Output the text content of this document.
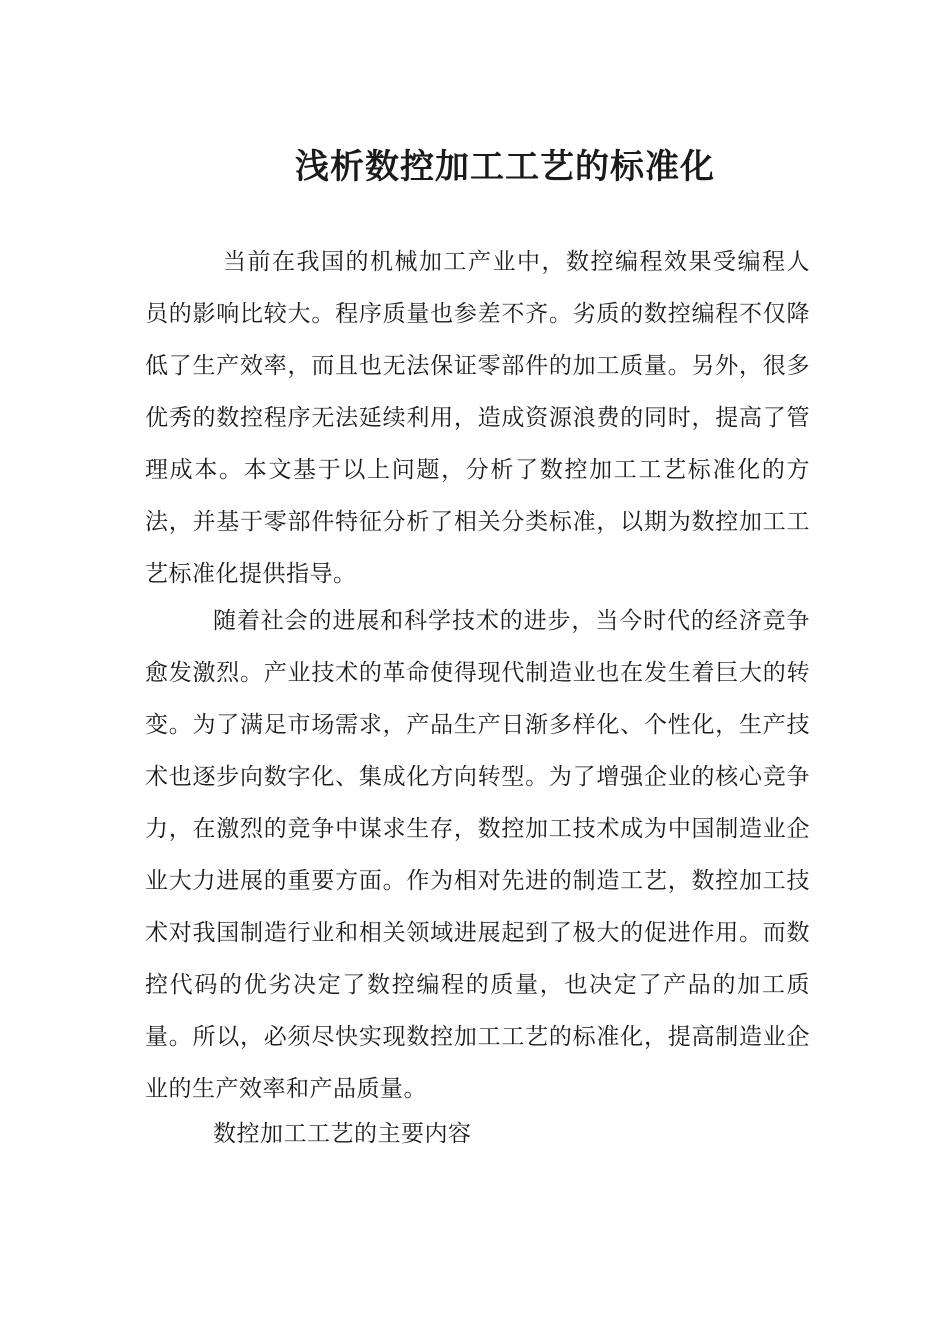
浅析数控加工工艺的标准化

当前在我国的机械加工产业中，数控编程效果受编程人员的影响比较大。程序质量也参差不齐。劣质的数控编程不仅降低了生产效率，而且也无法保证零部件的加工质量。另外，很多优秀的数控程序无法延续利用，造成资源浪费的同时，提高了管理成本。本文基于以上问题，分析了数控加工工艺标准化的方法，并基于零部件特征分析了相关分类标准，以期为数控加工工艺标准化提供指导。

随着社会的进展和科学技术的进步，当今时代的经济竞争愈发激烈。产业技术的革命使得现代制造业也在发生着巨大的转变。为了满足市场需求，产品生产日渐多样化、个性化，生产技术也逐步向数字化、集成化方向转型。为了增强企业的核心竞争力，在激烈的竞争中谋求生存，数控加工技术成为中国制造业企业大力进展的重要方面。作为相对先进的制造工艺，数控加工技术对我国制造行业和相关领域进展起到了极大的促进作用。而数控代码的优劣决定了数控编程的质量，也决定了产品的加工质量。所以，必须尽快实现数控加工工艺的标准化，提高制造业企业的生产效率和产品质量。

数控加工工艺的主要内容
